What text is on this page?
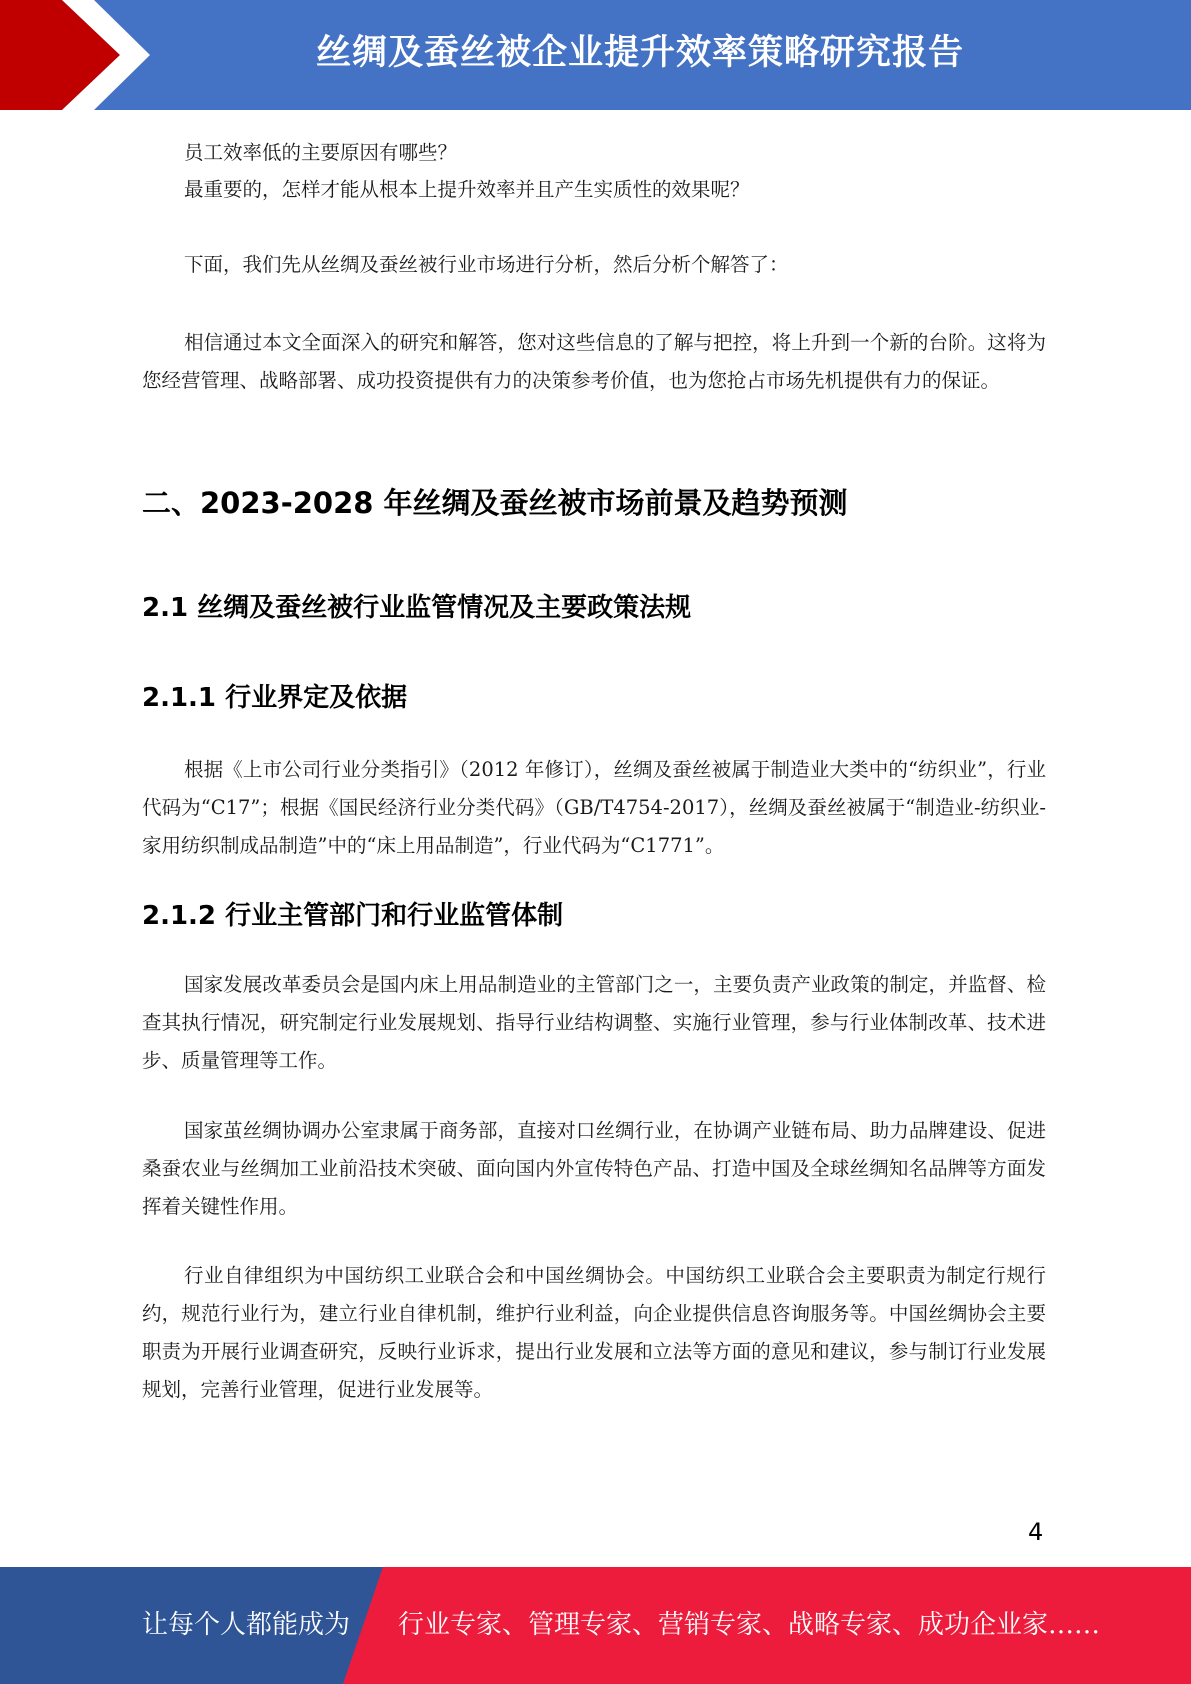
丝绸及蚕丝被企业提升效率策略研究报告

员工效率低的主要原因有哪些？

最重要的，怎样才能从根本上提升效率并且产生实质性的效果呢？

下面，我们先从丝绸及蚕丝被行业市场进行分析，然后分析个解答了：

相信通过本文全面深入的研究和解答，您对这些信息的了解与把控，将上升到一个新的台阶。这将为您经营管理、战略部署、成功投资提供有力的决策参考价值，也为您抢占市场先机提供有力的保证。

二、2023-2028 年丝绸及蚕丝被市场前景及趋势预测
2.1 丝绸及蚕丝被行业监管情况及主要政策法规
2.1.1 行业界定及依据

根据《上市公司行业分类指引》（2012 年修订），丝绸及蚕丝被属于制造业大类中的“纺织业”，行业代码为“C17”；根据《国民经济行业分类代码》（GB/T4754-2017），丝绸及蚕丝被属于“制造业-纺织业-家用纺织制成品制造”中的“床上用品制造”，行业代码为“C1771”。

2.1.2 行业主管部门和行业监管体制

国家发展改革委员会是国内床上用品制造业的主管部门之一，主要负责产业政策的制定，并监督、检查其执行情况，研究制定行业发展规划、指导行业结构调整、实施行业管理，参与行业体制改革、技术进步、质量管理等工作。

国家茧丝绸协调办公室隶属于商务部，直接对口丝绸行业，在协调产业链布局、助力品牌建设、促进桑蚕农业与丝绸加工业前沿技术突破、面向国内外宣传特色产品、打造中国及全球丝绸知名品牌等方面发挥着关键性作用。

行业自律组织为中国纺织工业联合会和中国丝绸协会。中国纺织工业联合会主要职责为制定行规行约，规范行业行为，建立行业自律机制，维护行业利益，向企业提供信息咨询服务等。中国丝绸协会主要职责为开展行业调查研究，反映行业诉求，提出行业发展和立法等方面的意见和建议，参与制订行业发展规划，完善行业管理，促进行业发展等。

4
让每个人都能成为 行业专家、管理专家、营销专家、战略专家、成功企业家……
